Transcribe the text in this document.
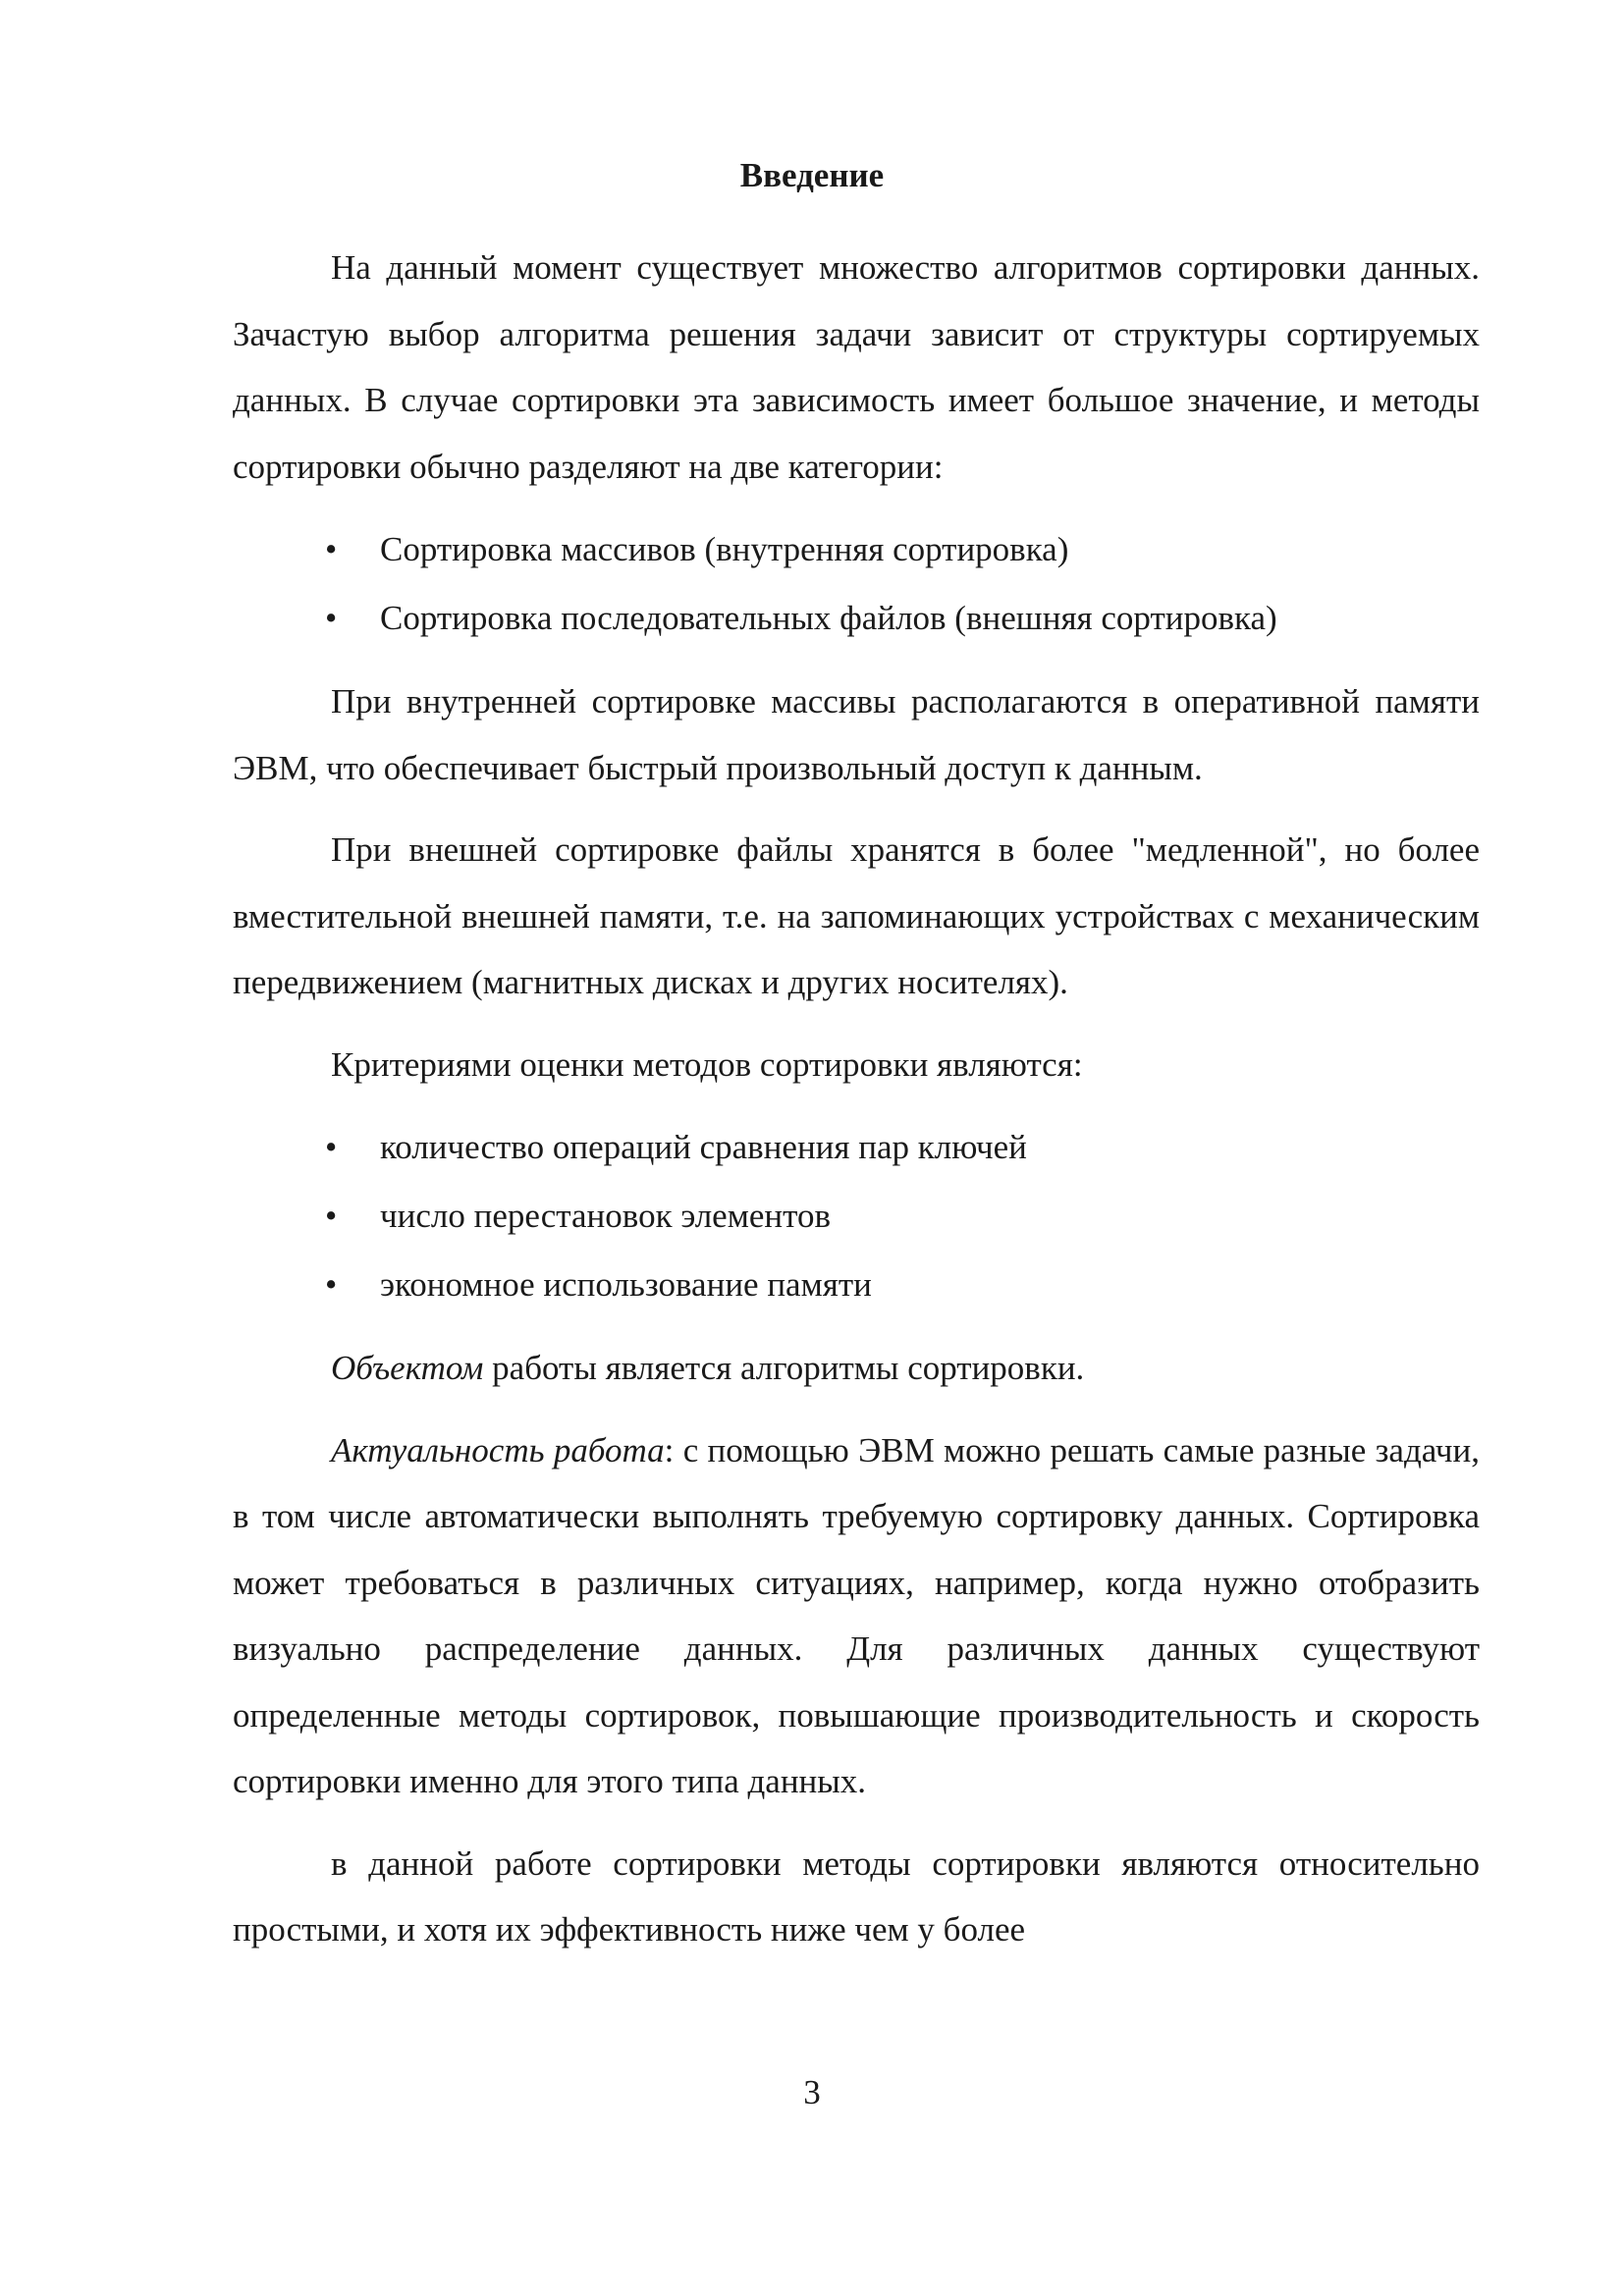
Введение

На данный момент существует множество алгоритмов сортировки данных. Зачастую выбор алгоритма решения задачи зависит от структуры сортируемых данных. В случае сортировки эта зависимость имеет большое значение, и методы сортировки обычно разделяют на две категории:

• Сортировка массивов (внутренняя сортировка)
• Сортировка последовательных файлов (внешняя сортировка)

При внутренней сортировке массивы располагаются в оперативной памяти ЭВМ, что обеспечивает быстрый произвольный доступ к данным.

При внешней сортировке файлы хранятся в более "медленной", но более вместительной внешней памяти, т.е. на запоминающих устройствах с механическим передвижением (магнитных дисках и других носителях).

Критериями оценки методов сортировки являются:

• количество операций сравнения пар ключей
• число перестановок элементов
• экономное использование памяти

Объектом работы является алгоритмы сортировки.

Актуальность работа: с помощью ЭВМ можно решать самые разные задачи, в том числе автоматически выполнять требуемую сортировку данных. Сортировка может требоваться в различных ситуациях, например, когда нужно отобразить визуально распределение данных. Для различных данных существуют определенные методы сортировок, повышающие производительность и скорость сортировки именно для этого типа данных.

в данной работе сортировки методы сортировки являются относительно простыми, и хотя их эффективность ниже чем у более

3
